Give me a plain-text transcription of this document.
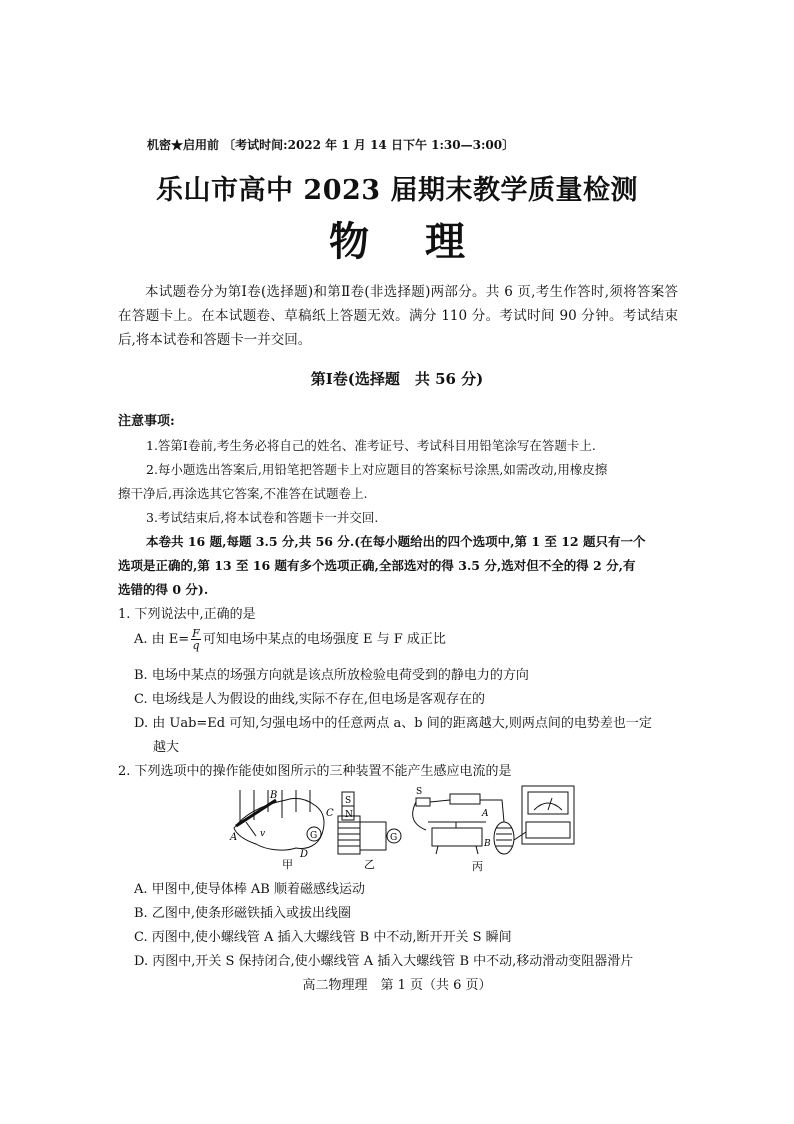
机密★启用前 〔考试时间:2022 年 1 月 14 日下午 1:30—3:00〕
乐山市高中 2023 届期末教学质量检测
物理
本试题卷分为第Ⅰ卷(选择题)和第Ⅱ卷(非选择题)两部分。共 6 页,考生作答时,须将答案答在答题卡上。在本试题卷、草稿纸上答题无效。满分 110 分。考试时间 90 分钟。考试结束后,将本试卷和答题卡一并交回。
第Ⅰ卷(选择题　共 56 分)
注意事项:
1.答第Ⅰ卷前,考生务必将自己的姓名、准考证号、考试科目用铅笔涂写在答题卡上.
2.每小题选出答案后,用铅笔把答题卡上对应题目的答案标号涂黑,如需改动,用橡皮擦
擦干净后,再涂选其它答案,不准答在试题卷上.
3.考试结束后,将本试卷和答题卡一并交回.
本卷共 16 题,每题 3.5 分,共 56 分.(在每小题给出的四个选项中,第 1 至 12 题只有一个
选项是正确的,第 13 至 16 题有多个选项正确,全部选对的得 3.5 分,选对但不全的得 2 分,有
选错的得 0 分).
1. 下列说法中,正确的是
A. 由 $E= \frac{F}{q}$ 可知电场中某点的电场强度 E 与 F 成正比
B. 电场中某点的场强方向就是该点所放检验电荷受到的静电力的方向
C. 电场线是人为假设的曲线,实际不存在,但电场是客观存在的
D. 由 Uab=Ed 可知,匀强电场中的任意两点 a、b 间的距离越大,则两点间的电势差也一定
越大
2. 下列选项中的操作能使如图所示的三种装置不能产生感应电流的是
A
B
C
D
G
v
甲
S
N
G
乙
S
A
B
丙
A. 甲图中,使导体棒 AB 顺着磁感线运动
B. 乙图中,使条形磁铁插入或拔出线圈
C. 丙图中,使小螺线管 A 插入大螺线管 B 中不动,断开开关 S 瞬间
D. 丙图中,开关 S 保持闭合,使小螺线管 A 插入大螺线管 B 中不动,移动滑动变阻器滑片
高二物理理　第 1 页（共 6 页）
